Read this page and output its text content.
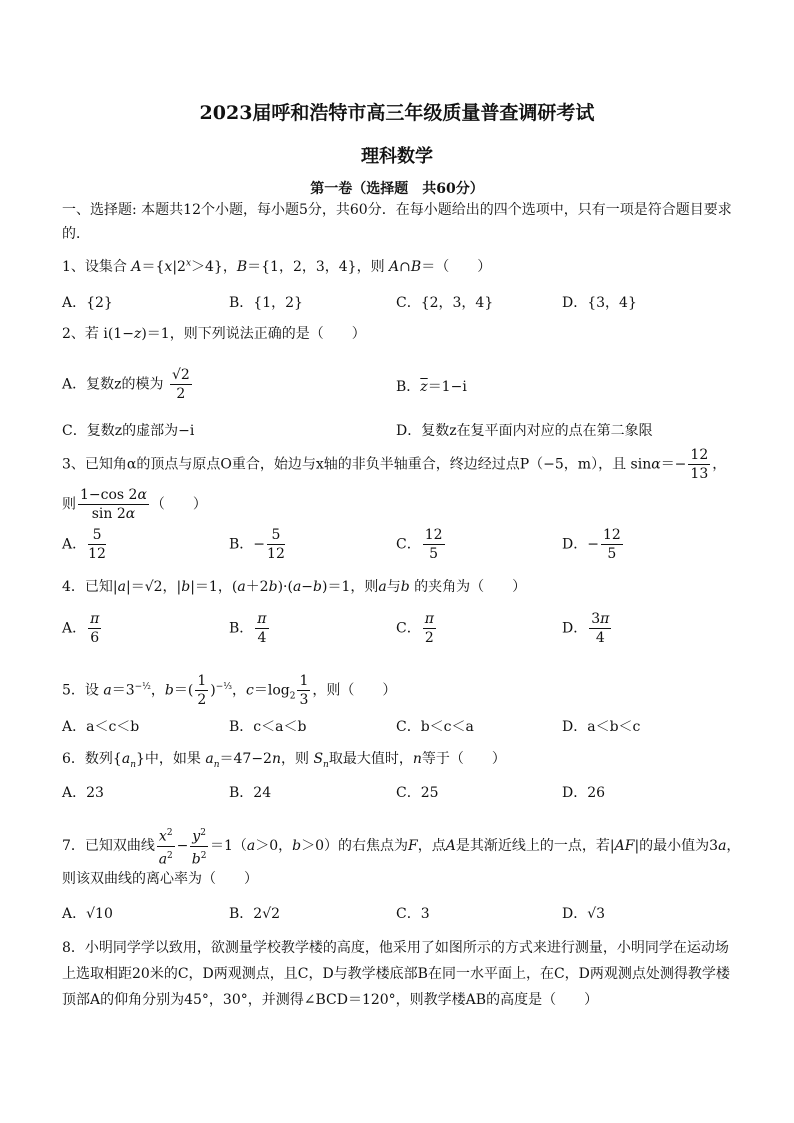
2023届呼和浩特市高三年级质量普查调研考试
理科数学
第一卷（选择题　共60分）
一、选择题: 本题共12个小题，每小题5分，共60分．在每小题给出的四个选项中，只有一项是符合题目要求的．
1、设集合 $A=\{x|2^x>4\}$，B＝{1，2，3，4}，则 A∩B＝（　　）
A．{2}	B．{1，2}	C．{2，3，4}	D．{3，4}
2、若 i(1−z)＝1，则下列说法正确的是（　　）
A．复数z的模为 $\frac{√2}{2}$	B．$\overline{z}=1-i$
C．复数z的虚部为−i	D．复数z在复平面内对应的点在第二象限
3、已知角α的顶点与原点O重合，始边与x轴的非负半轴重合，终边经过点P（−5，m），且 $\sin\alpha=- \frac{12}{13}$ ，
则 $\frac{1-\cos 2\alpha}{\sin 2\alpha}$ （　　）
A． $\frac{5}{12}$	B．− $\frac{5}{12}$	C． $\frac{12}{5}$	D．− $\frac{12}{5}$
4．已知|a|＝√2，|b|＝1，(a＋2b)·(a−b)＝1，则a与b 的夹角为（　　）
A． $\frac{\pi}{6}$	B． $\frac{\pi}{4}$	C． $\frac{\pi}{2}$	D． $\frac{3\pi}{4}$
5．设 $a=3^{-\frac{1}{2}}$，$b=( \frac{1}{2} )^{-\frac{1}{3}}$，$c=\log_2 \frac{1}{3}$ ，则（　　）
A．a＜c＜b	B．c＜a＜b	C．b＜c＜a	D．a＜b＜c
6．数列$\{a_n\}$中，如果 $a_n=47-2n$，则 $S_n$取最大值时，n等于（　　）
A．23	B．24	C．25	D．26
7．已知双曲线 $\frac{x^2}{a^2} - \frac{y^2}{b^2} =1(a>0$，b＞0）的右焦点为F，点A是其渐近线上的一点，若|AF|的最小值为3a，
则该双曲线的离心率为（　　）
A．√10	B．2√2	C．3	D．√3
8．小明同学学以致用，欲测量学校教学楼的高度，他采用了如图所示的方式来进行测量，小明同学在运动场上选取相距20米的C，D两观测点，且C，D与教学楼底部B在同一水平面上，在C，D两观测点处测得教学楼顶部A的仰角分别为45°，30°，并测得∠BCD＝120°，则教学楼AB的高度是（　　）
